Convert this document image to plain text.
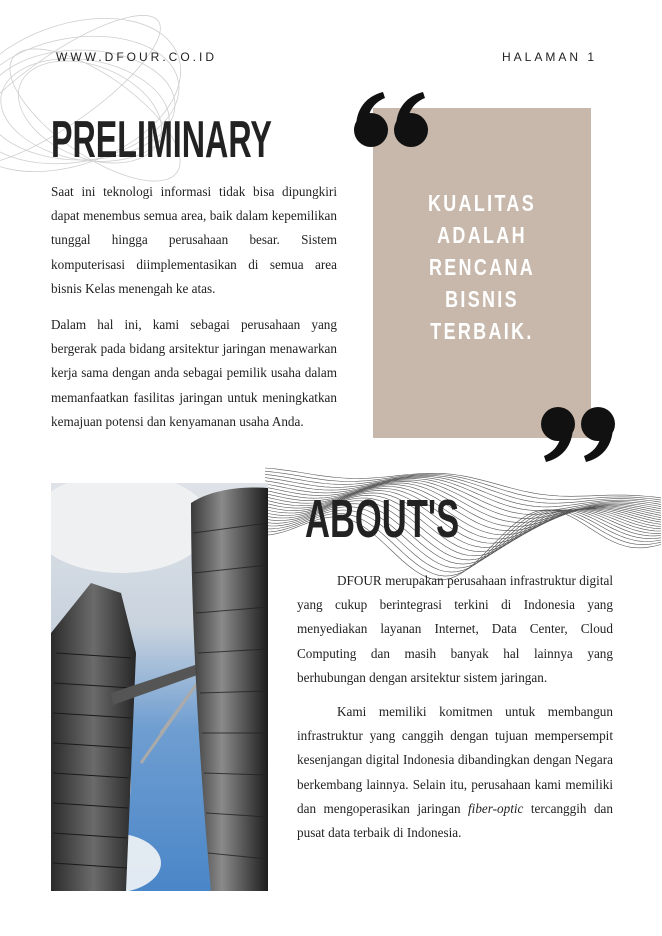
WWW.DFOUR.CO.ID	HALAMAN 1
PRELIMINARY

Saat ini teknologi informasi tidak bisa dipungkiri dapat menembus semua area, baik dalam kepemilikan tunggal hingga perusahaan besar. Sistem komputerisasi diimplementasikan di semua area bisnis Kelas menengah ke atas.

Dalam hal ini, kami sebagai perusahaan yang bergerak pada bidang arsitektur jaringan menawarkan kerja sama dengan anda sebagai pemilik usaha dalam memanfaatkan fasilitas jaringan untuk meningkatkan kemajuan potensi dan kenyamanan usaha Anda.

KUALITAS
ADALAH
RENCANA BISNIS
TERBAIK.
ABOUT'S

DFOUR merupakan perusahaan infrastruktur digital yang cukup berintegrasi terkini di Indonesia yang menyediakan layanan Internet, Data Center, Cloud Computing dan masih banyak hal lainnya yang berhubungan dengan arsitektur sistem jaringan.

Kami memiliki komitmen untuk membangun infrastruktur yang canggih dengan tujuan mempersempit kesenjangan digital Indonesia dibandingkan dengan Negara berkembang lainnya. Selain itu, perusahaan kami memiliki dan mengoperasikan jaringan fiber-optic tercanggih dan pusat data terbaik di Indonesia.
